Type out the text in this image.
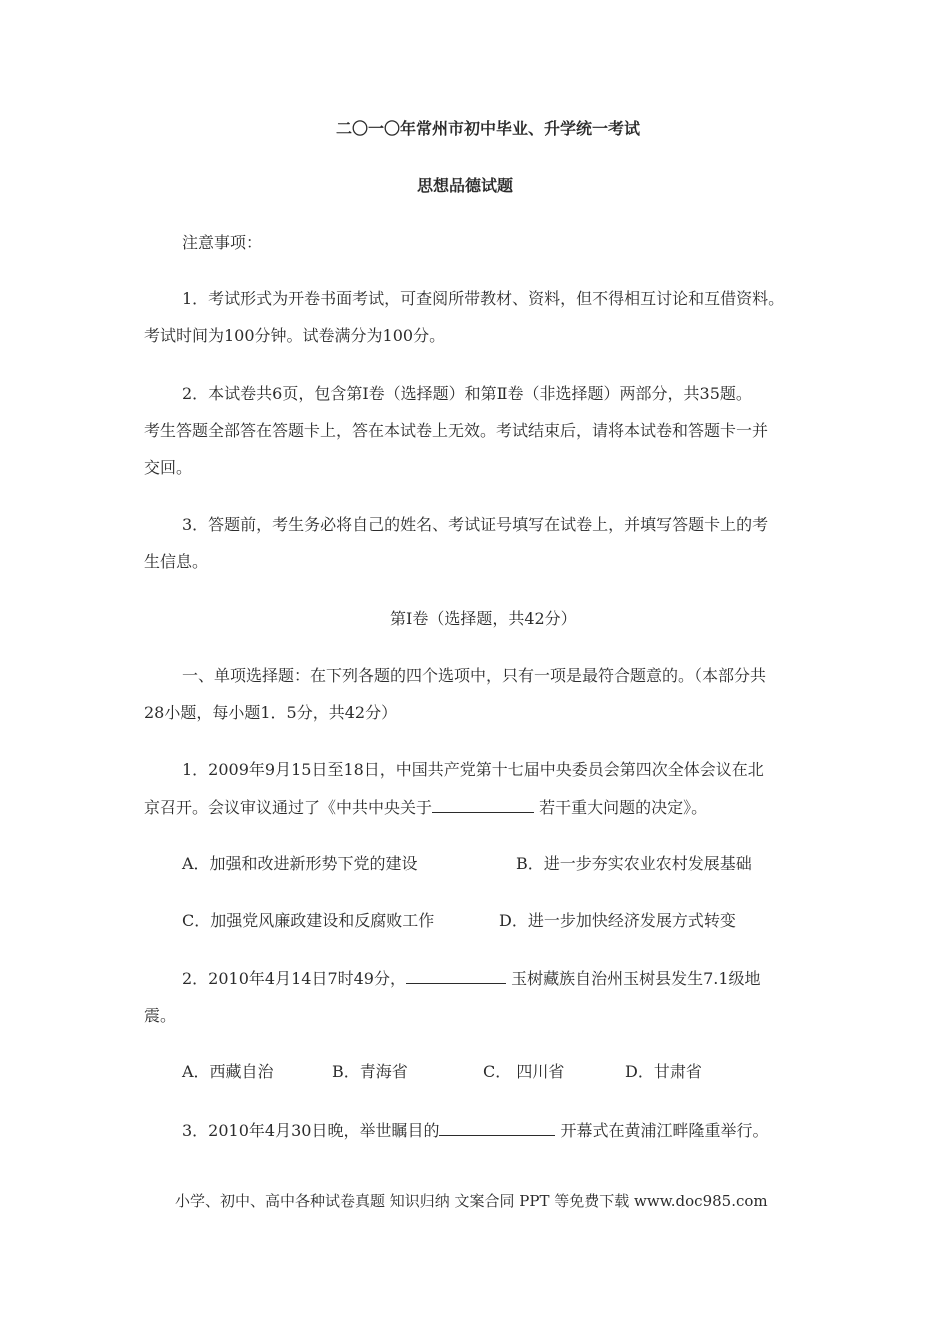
二〇一〇年常州市初中毕业、升学统一考试

思想品德试题

注意事项：

1．考试形式为开卷书面考试，可查阅所带教材、资料，但不得相互讨论和互借资料。

考试时间为100分钟。试卷满分为100分。

2．本试卷共6页，包含第Ⅰ卷（选择题）和第Ⅱ卷（非选择题）两部分，共35题。

考生答题全部答在答题卡上，答在本试卷上无效。考试结束后，请将本试卷和答题卡一并

交回。

3．答题前，考生务必将自己的姓名、考试证号填写在试卷上，并填写答题卡上的考

生信息。

第Ⅰ卷（选择题，共42分）

一、单项选择题：在下列各题的四个选项中，只有一项是最符合题意的。（本部分共

28小题，每小题1．5分，共42分）

1．2009年9月15日至18日，中国共产党第十七届中央委员会第四次全体会议在北

京召开。会议审议通过了《中共中央关于	若干重大问题的决定》。

A．加强和改进新形势下党的建设	B．进一步夯实农业农村发展基础

C．加强党风廉政建设和反腐败工作	D．进一步加快经济发展方式转变

2．2010年4月14日7时49分，	玉树藏族自治州玉树县发生7.1级地

震。

A．西藏自治	B．青海省	C． 四川省	D．甘肃省

3．2010年4月30日晚，举世瞩目的	开幕式在黄浦江畔隆重举行。

小学、初中、高中各种试卷真题 知识归纳 文案合同 PPT 等免费下载 www.doc985.com
